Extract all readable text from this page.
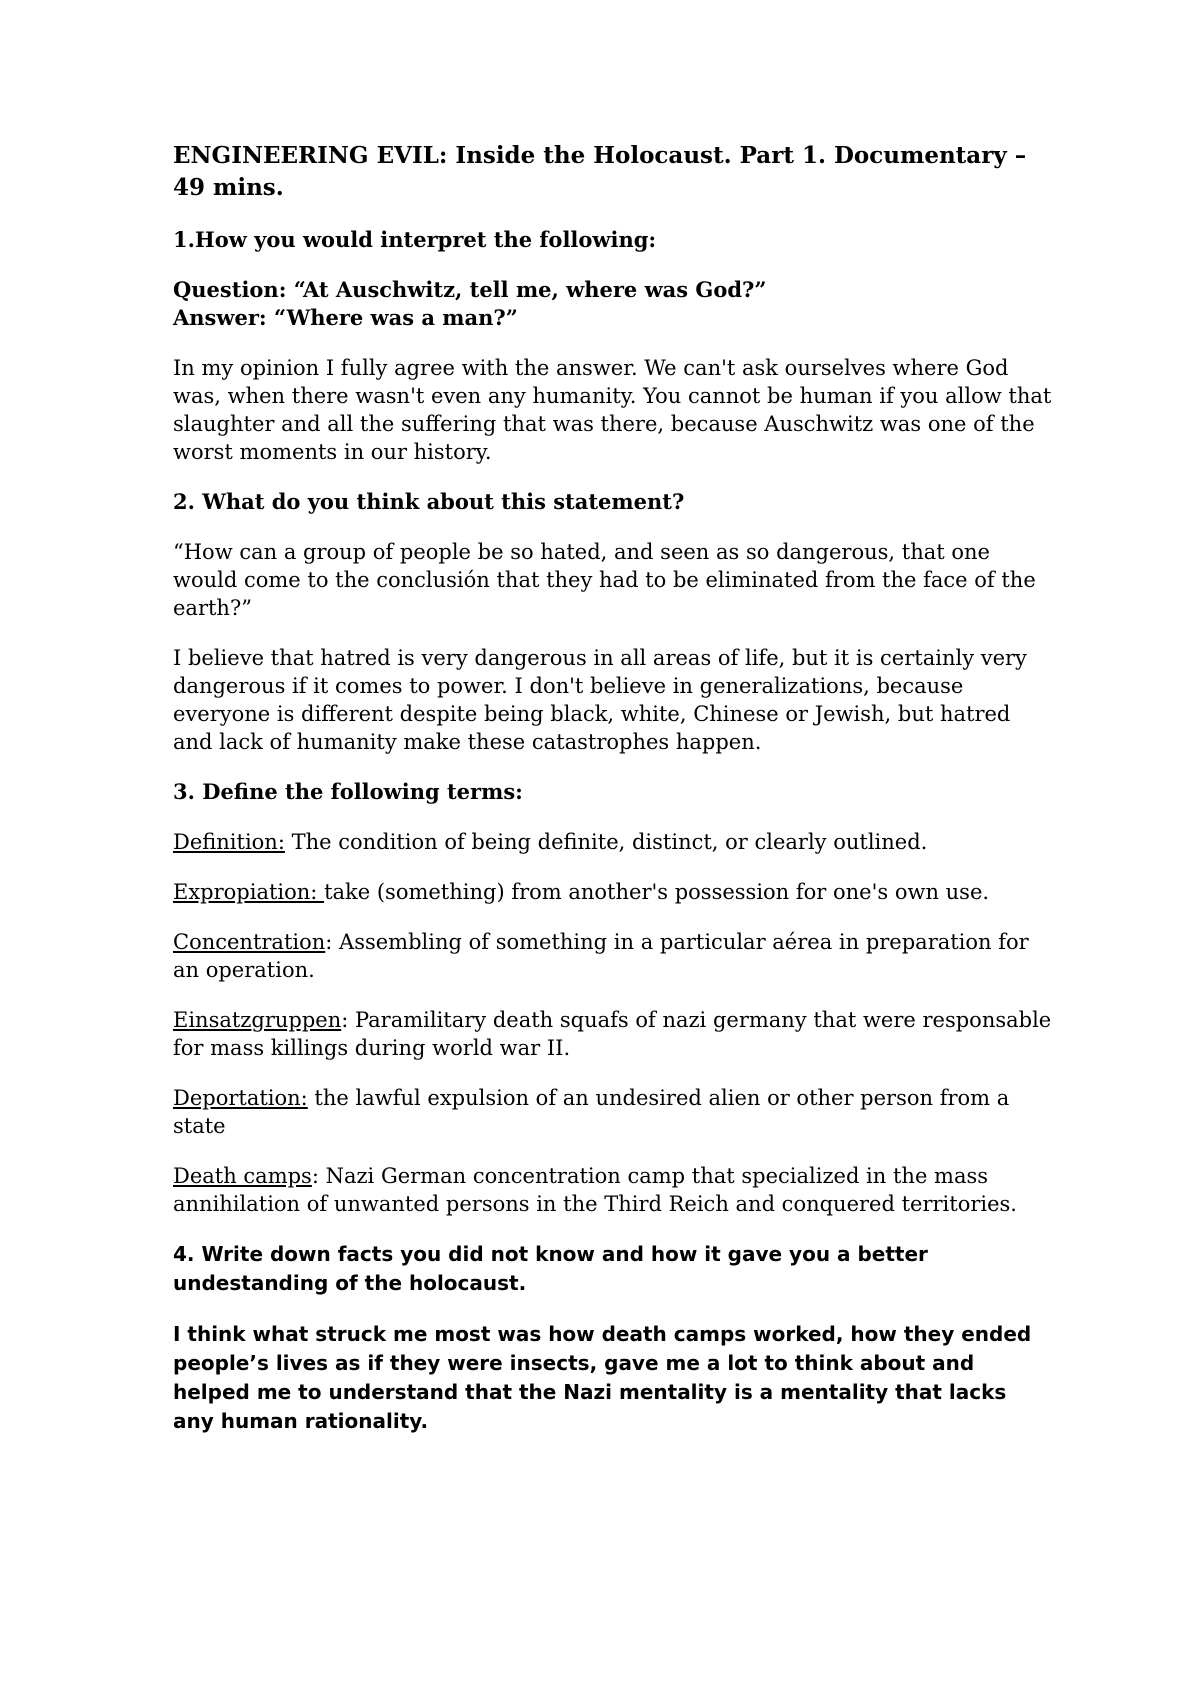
ENGINEERING EVIL: Inside the Holocaust. Part 1. Documentary – 49 mins.
1.How you would interpret the following:

Question: “At Auschwitz, tell me, where was God?”

Answer: “Where was a man?”

In my opinion I fully agree with the answer. We can't ask ourselves where God was, when there wasn't even any humanity. You cannot be human if you allow that slaughter and all the suffering that was there, because Auschwitz was one of the worst moments in our history.

2. What do you think about this statement?

“How can a group of people be so hated, and seen as so dangerous, that one would come to the conclusión that they had to be eliminated from the face of the earth?”

I believe that hatred is very dangerous in all areas of life, but it is certainly very dangerous if it comes to power. I don't believe in generalizations, because everyone is different despite being black, white, Chinese or Jewish, but hatred and lack of humanity make these catastrophes happen.

3. Define the following terms:

Definition: The condition of being definite, distinct, or clearly outlined.

Expropiation: take (something) from another's possession for one's own use.

Concentration: Assembling of something in a particular aérea in preparation for an operation.

Einsatzgruppen: Paramilitary death squafs of nazi germany that were responsable for mass killings during world war II.

Deportation: the lawful expulsion of an undesired alien or other person from a state

Death camps: Nazi German concentration camp that specialized in the mass annihilation of unwanted persons in the Third Reich and conquered territories.

4. Write down facts you did not know and how it gave you a better undestanding of the holocaust.

I think what struck me most was how death camps worked, how they ended people’s lives as if they were insects, gave me a lot to think about and helped me to understand that the Nazi mentality is a mentality that lacks any human rationality.
